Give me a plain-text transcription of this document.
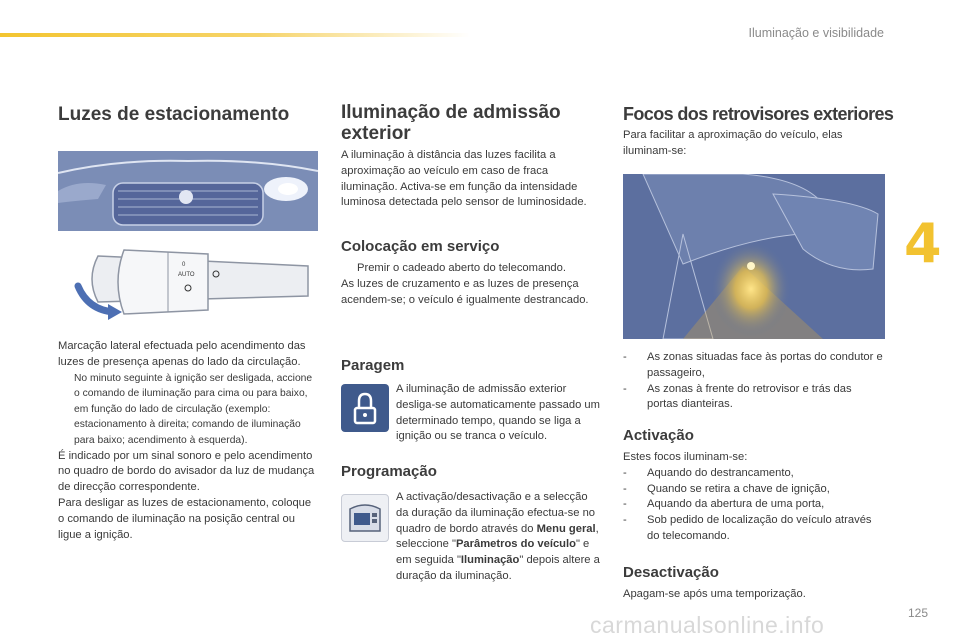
Iluminação e visibilidade
4
Luzes de estacionamento
AUTO
0

Marcação lateral efectuada pelo acendimento das luzes de presença apenas do lado da circulação.

No minuto seguinte à ignição ser desligada, accione o comando de iluminação para cima ou para baixo, em função do lado de circulação (exemplo: estacionamento à direita; comando de iluminação para baixo; acendimento à esquerda).

É indicado por um sinal sonoro e pelo acendimento no quadro de bordo do avisador da luz de mudança de direcção correspondente.

Para desligar as luzes de estacionamento, coloque o comando de iluminação na posição central ou ligue a ignição.

Iluminação de admissão exterior

A iluminação à distância das luzes facilita a aproximação ao veículo em caso de fraca iluminação. Activa-se em função da intensidade luminosa detectada pelo sensor de luminosidade.

Colocação em serviço
Premir o cadeado aberto do telecomando.

As luzes de cruzamento e as luzes de presença acendem-se; o veículo é igualmente destrancado.

Paragem

A iluminação de admissão exterior desliga-se automaticamente passado um determinado tempo, quando se liga a ignição ou se tranca o veículo.

Programação

A activação/desactivação e a selecção da duração da iluminação efectua-se no quadro de bordo através do Menu geral, seleccione "Parâmetros do veículo" e em seguida "Iluminação" depois altere a duração da iluminação.

Focos dos retrovisores exteriores

Para facilitar a aproximação do veículo, elas iluminam-se:

-	As zonas situadas face às portas do condutor e passageiro,
-	As zonas à frente do retrovisor e trás das portas dianteiras.
Activação

Estes focos iluminam-se:

-	Aquando do destrancamento,
-	Quando se retira a chave de ignição,
-	Aquando da abertura de uma porta,
-	Sob pedido de localização do veículo através do telecomando.
Desactivação

Apagam-se após uma temporização.

carmanualsonline.info	125
